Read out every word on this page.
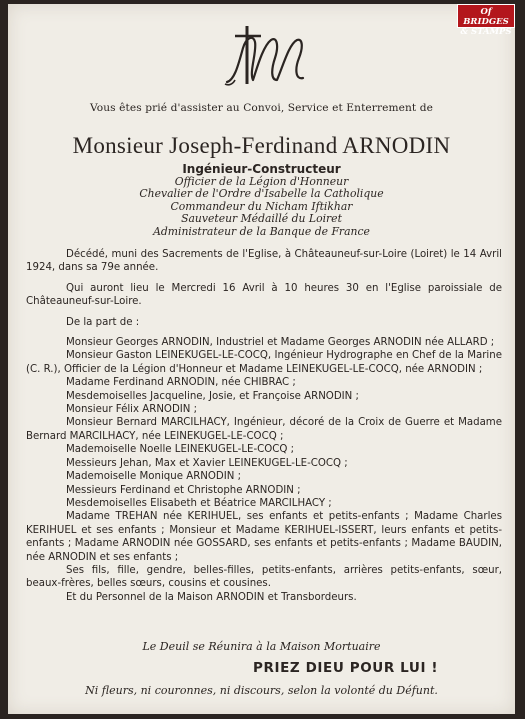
Of BRIDGES
& STAMPS
Vous êtes prié d'assister au Convoi, Service et Enterrement de
Monsieur Joseph-Ferdinand ARNODIN
Ingénieur-Constructeur
Officier de la Légion d'Honneur
Chevalier de l'Ordre d'Isabelle la Catholique
Commandeur du Nicham Iftikhar
Sauveteur Médaillé du Loiret
Administrateur de la Banque de France

Décédé, muni des Sacrements de l'Eglise, à Châteauneuf-sur-Loire (Loiret) le 14 Avril 1924, dans sa 79e année.

Qui auront lieu le Mercredi 16 Avril à 10 heures 30 en l'Eglise paroissiale de Châteauneuf-sur-Loire.

De la part de :

Monsieur Georges ARNODIN, Industriel et Madame Georges ARNODIN née ALLARD ;

Monsieur Gaston LEINEKUGEL-LE-COCQ, Ingénieur Hydrographe en Chef de la Marine (C. R.), Officier de la Légion d'Honneur et Madame LEINEKUGEL-LE-COCQ, née ARNODIN ;

Madame Ferdinand ARNODIN, née CHIBRAC ;

Mesdemoiselles Jacqueline, Josie, et Françoise ARNODIN ;

Monsieur Félix ARNODIN ;

Monsieur Bernard MARCILHACY, Ingénieur, décoré de la Croix de Guerre et Madame Bernard MARCILHACY, née LEINEKUGEL-LE-COCQ ;

Mademoiselle Noelle LEINEKUGEL-LE-COCQ ;

Messieurs Jehan, Max et Xavier LEINEKUGEL-LE-COCQ ;

Mademoiselle Monique ARNODIN ;

Messieurs Ferdinand et Christophe ARNODIN ;

Mesdemoiselles Elisabeth et Béatrice MARCILHACY ;

Madame TREHAN née KERIHUEL, ses enfants et petits-enfants ; Madame Charles KERIHUEL et ses enfants ; Monsieur et Madame KERIHUEL-ISSERT, leurs enfants et petits-enfants ; Madame ARNODIN née GOSSARD, ses enfants et petits-enfants ; Madame BAUDIN, née ARNODIN et ses enfants ;

Ses fils, fille, gendre, belles-filles, petits-enfants, arrières petits-enfants, sœur, beaux-frères, belles sœurs, cousins et cousines.

Et du Personnel de la Maison ARNODIN et Transbordeurs.

Le Deuil se Réunira à la Maison Mortuaire
PRIEZ DIEU POUR LUI !
Ni fleurs, ni couronnes, ni discours, selon la volonté du Défunt.
